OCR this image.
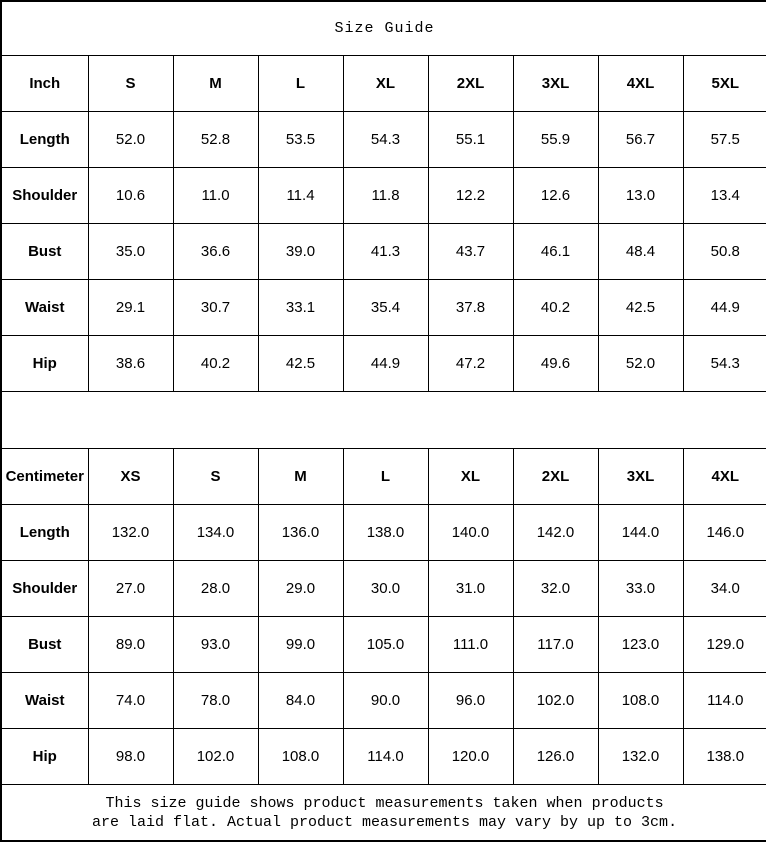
Size Guide								
Inch	S	M	L	XL	2XL	3XL	4XL	5XL
Length	52.0	52.8	53.5	54.3	55.1	55.9	56.7	57.5
Shoulder	10.6	11.0	11.4	11.8	12.2	12.6	13.0	13.4
Bust	35.0	36.6	39.0	41.3	43.7	46.1	48.4	50.8
Waist	29.1	30.7	33.1	35.4	37.8	40.2	42.5	44.9
Hip	38.6	40.2	42.5	44.9	47.2	49.6	52.0	54.3

Centimeter	XS	S	M	L	XL	2XL	3XL	4XL
Length	132.0	134.0	136.0	138.0	140.0	142.0	144.0	146.0
Shoulder	27.0	28.0	29.0	30.0	31.0	32.0	33.0	34.0
Bust	89.0	93.0	99.0	105.0	111.0	117.0	123.0	129.0
Waist	74.0	78.0	84.0	90.0	96.0	102.0	108.0	114.0
Hip	98.0	102.0	108.0	114.0	120.0	126.0	132.0	138.0

This size guide shows product measurements taken when products
are laid flat. Actual product measurements may vary by up to 3cm.								
